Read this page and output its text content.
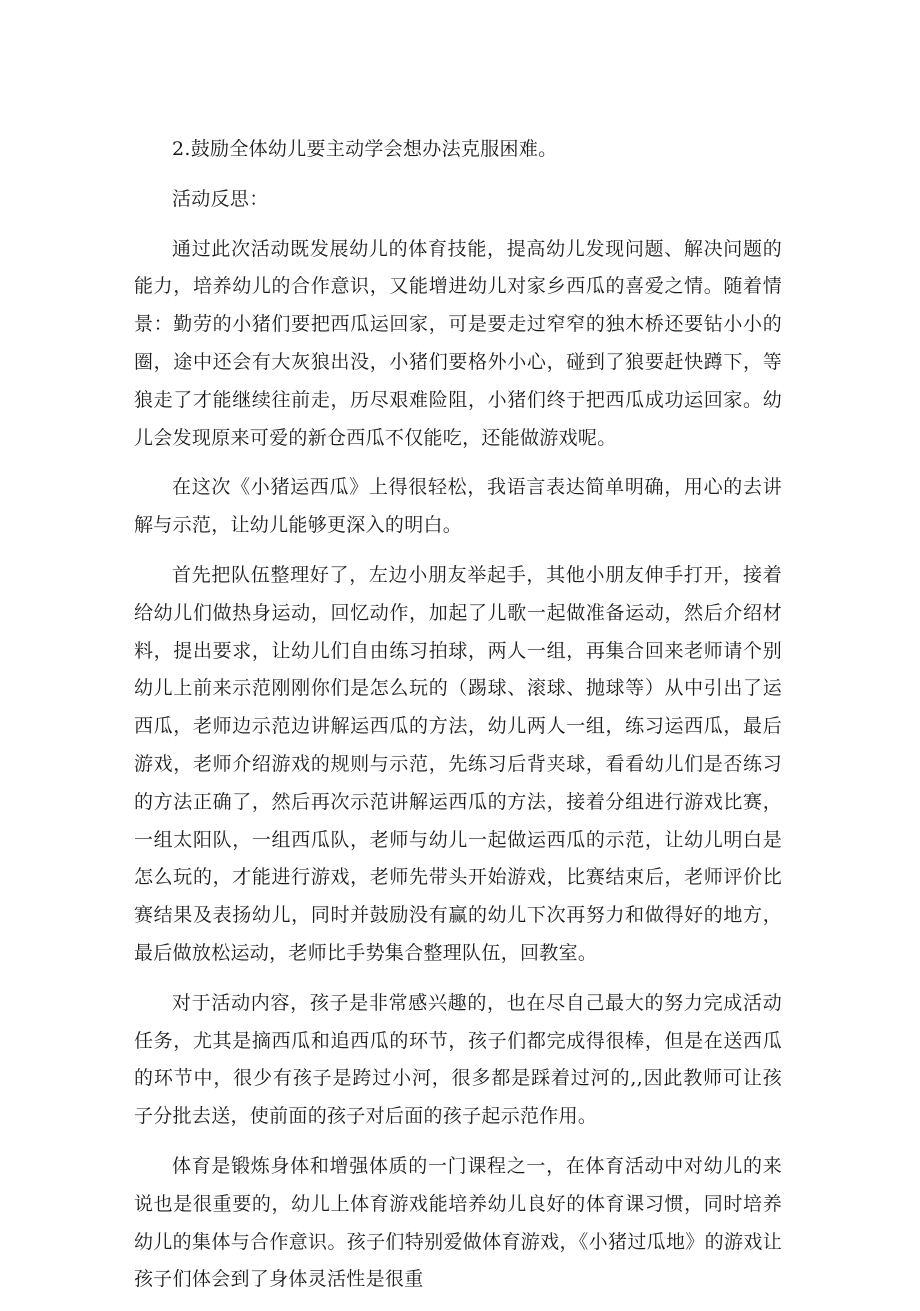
2.鼓励全体幼儿要主动学会想办法克服困难。

活动反思：

通过此次活动既发展幼儿的体育技能，提高幼儿发现问题、解决问题的能力，培养幼儿的合作意识，又能增进幼儿对家乡西瓜的喜爱之情。随着情景：勤劳的小猪们要把西瓜运回家，可是要走过窄窄的独木桥还要钻小小的圈，途中还会有大灰狼出没，小猪们要格外小心，碰到了狼要赶快蹲下，等狼走了才能继续往前走，历尽艰难险阻，小猪们终于把西瓜成功运回家。幼儿会发现原来可爱的新仓西瓜不仅能吃，还能做游戏呢。

在这次《小猪运西瓜》上得很轻松，我语言表达简单明确，用心的去讲解与示范，让幼儿能够更深入的明白。

首先把队伍整理好了，左边小朋友举起手，其他小朋友伸手打开，接着给幼儿们做热身运动，回忆动作，加起了儿歌一起做准备运动，然后介绍材料，提出要求，让幼儿们自由练习拍球，两人一组，再集合回来老师请个别幼儿上前来示范刚刚你们是怎么玩的（踢球、滚球、抛球等）从中引出了运西瓜，老师边示范边讲解运西瓜的方法，幼儿两人一组，练习运西瓜，最后游戏，老师介绍游戏的规则与示范，先练习后背夹球，看看幼儿们是否练习的方法正确了，然后再次示范讲解运西瓜的方法，接着分组进行游戏比赛，一组太阳队，一组西瓜队，老师与幼儿一起做运西瓜的示范，让幼儿明白是怎么玩的，才能进行游戏，老师先带头开始游戏，比赛结束后，老师评价比赛结果及表扬幼儿，同时并鼓励没有赢的幼儿下次再努力和做得好的地方，最后做放松运动，老师比手势集合整理队伍，回教室。

对于活动内容，孩子是非常感兴趣的，也在尽自己最大的努力完成活动任务，尤其是摘西瓜和追西瓜的环节，孩子们都完成得很棒，但是在送西瓜的环节中，很少有孩子是跨过小河，很多都是踩着过河的,,因此教师可让孩子分批去送，使前面的孩子对后面的孩子起示范作用。

体育是锻炼身体和增强体质的一门课程之一，在体育活动中对幼儿的来说也是很重要的，幼儿上体育游戏能培养幼儿良好的体育课习惯，同时培养幼儿的集体与合作意识。孩子们特别爱做体育游戏，《小猪过瓜地》的游戏让孩子们体会到了身体灵活性是很重
